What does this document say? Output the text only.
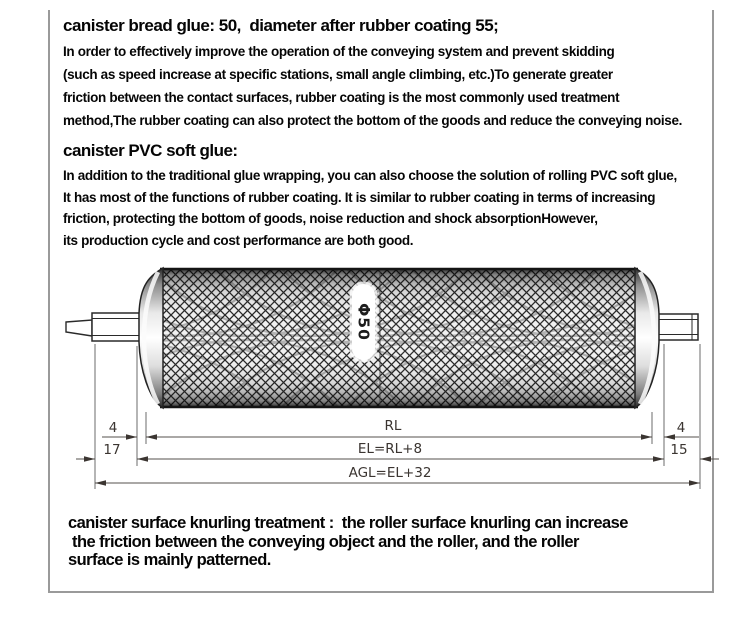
canister bread glue: 50,  diameter after rubber coating 55;
In order to effectively improve the operation of the conveying system and prevent skidding
(such as speed increase at specific stations, small angle climbing, etc.)To generate greater
friction between the contact surfaces, rubber coating is the most commonly used treatment
method,The rubber coating can also protect the bottom of the goods and reduce the conveying noise.
canister PVC soft glue:
In addition to the traditional glue wrapping, you can also choose the solution of rolling PVC soft glue,
It has most of the functions of rubber coating. It is similar to rubber coating in terms of increasing
friction, protecting the bottom of goods, noise reduction and shock absorptionHowever,
its production cycle and cost performance are both good.
Φ50
4	RL	4
17	EL=RL+8	15
AGL=EL+32
canister surface knurling treatment :  the roller surface knurling can increase
the friction between the conveying object and the roller, and the roller
surface is mainly patterned.
